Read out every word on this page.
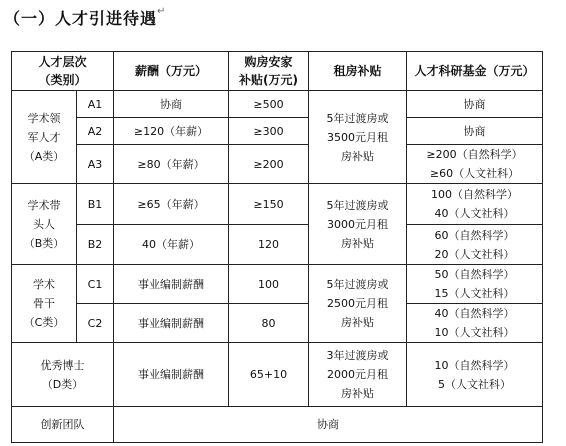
（一）人才引进待遇↵
人才层次
（类别）		薪酬（万元）	购房安家
补贴(万元)	租房补贴	人才科研基金（万元）

学术领
军人才
（A类）	A1	协商	≥500	5年过渡房或
3500元月租
房补贴	协商
	A2	≥120（年薪）	≥300		协商
	A3	≥80（年薪）	≥200		≥200（自然科学）
≥60（人文社科）

学术带
头人
（B类）	B1	≥65（年薪）	≥150	5年过渡房或
3000元月租
房补贴	100（自然科学）
40（人文社科）

	B2	40（年薪）	120		60（自然科学）
20（人文社科）

学术
骨干
（C类）	C1	事业编制薪酬	100	5年过渡房或
2500元月租
房补贴	50（自然科学）
15（人文社科）

	C2	事业编制薪酬	80		40（自然科学）
10（人文社科）

优秀博士
（D类）		事业编制薪酬	65+10	3年过渡房或
2000元月租
房补贴	10（自然科学）
5（人文社科）

创新团队		协商			
